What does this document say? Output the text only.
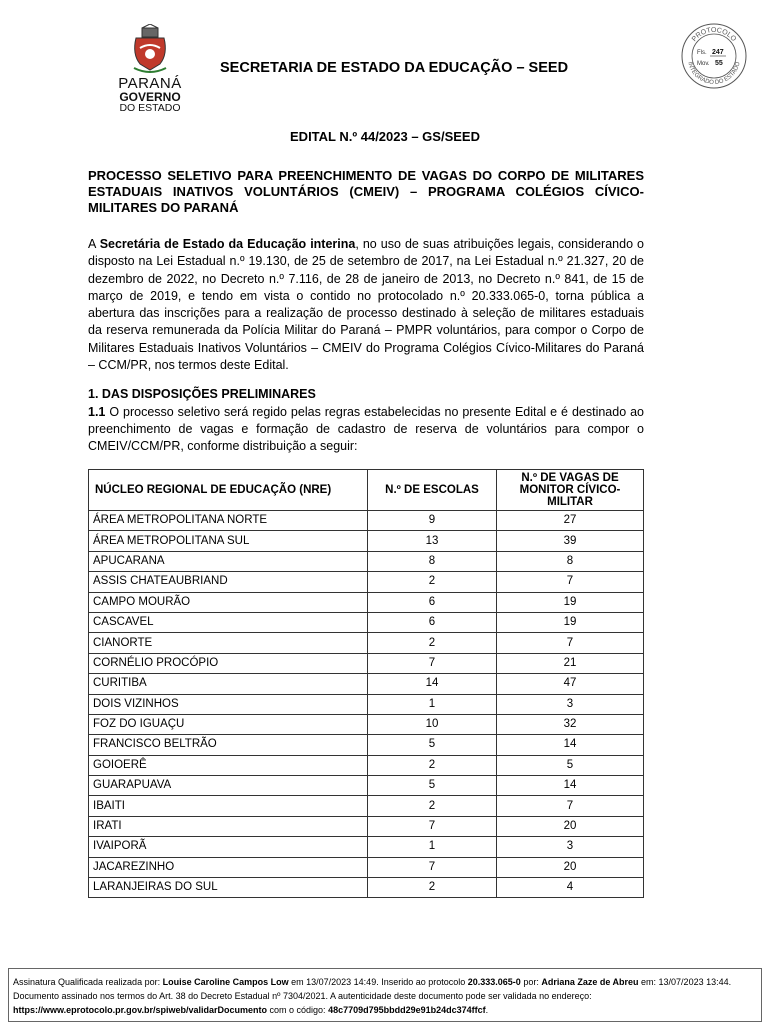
PARANÁ
GOVERNO
DO ESTADO
SECRETARIA DE ESTADO DA EDUCAÇÃO – SEED
PROTOCOLO
INTEGRADO DO ESTADO
Fls. 247
Mov. 55
EDITAL N.º 44/2023 – GS/SEED
PROCESSO SELETIVO PARA PREENCHIMENTO DE VAGAS DO CORPO DE MILITARES ESTADUAIS INATIVOS VOLUNTÁRIOS (CMEIV) – PROGRAMA COLÉGIOS CÍVICO-MILITARES DO PARANÁ
A Secretária de Estado da Educação interina, no uso de suas atribuições legais, considerando o disposto na Lei Estadual n.º 19.130, de 25 de setembro de 2017, na Lei Estadual n.º 21.327, 20 de dezembro de 2022, no Decreto n.º 7.116, de 28 de janeiro de 2013, no Decreto n.º 841, de 15 de março de 2019, e tendo em vista o contido no protocolado n.º 20.333.065-0, torna pública a abertura das inscrições para a realização de processo destinado à seleção de militares estaduais da reserva remunerada da Polícia Militar do Paraná – PMPR voluntários, para compor o Corpo de Militares Estaduais Inativos Voluntários – CMEIV do Programa Colégios Cívico-Militares do Paraná – CCM/PR, nos termos deste Edital.
1. DAS DISPOSIÇÕES PRELIMINARES
1.1 O processo seletivo será regido pelas regras estabelecidas no presente Edital e é destinado ao preenchimento de vagas e formação de cadastro de reserva de voluntários para compor o CMEIV/CCM/PR, conforme distribuição a seguir:
NÚCLEO REGIONAL DE EDUCAÇÃO (NRE)	N.º DE ESCOLAS	N.º DE VAGAS DE MONITOR CÍVICO-MILITAR
ÁREA METROPOLITANA NORTE	9	27
ÁREA METROPOLITANA SUL	13	39
APUCARANA	8	8
ASSIS CHATEAUBRIAND	2	7
CAMPO MOURÃO	6	19
CASCAVEL	6	19
CIANORTE	2	7
CORNÉLIO PROCÓPIO	7	21
CURITIBA	14	47
DOIS VIZINHOS	1	3
FOZ DO IGUAÇU	10	32
FRANCISCO BELTRÃO	5	14
GOIOERÊ	2	5
GUARAPUAVA	5	14
IBAITI	2	7
IRATI	7	20
IVAIPORÃ	1	3
JACAREZINHO	7	20
LARANJEIRAS DO SUL	2	4
Assinatura Qualificada realizada por: Louise Caroline Campos Low em 13/07/2023 14:49. Inserido ao protocolo 20.333.065-0 por: Adriana Zaze de Abreu em: 13/07/2023 13:44. Documento assinado nos termos do Art. 38 do Decreto Estadual nº 7304/2021. A autenticidade deste documento pode ser validada no endereço: https://www.eprotocolo.pr.gov.br/spiweb/validarDocumento com o código: 48c7709d795bbdd29e91b24dc374ffcf.
